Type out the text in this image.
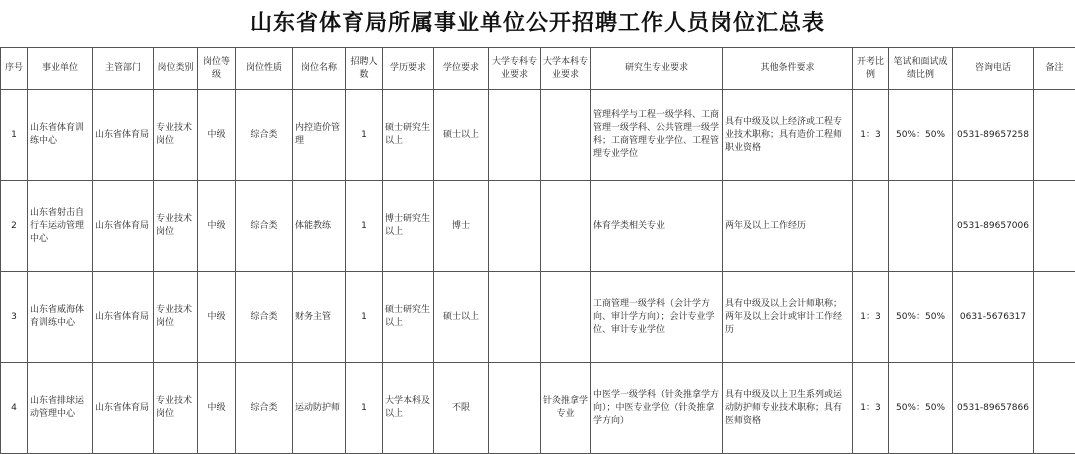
山东省体育局所属事业单位公开招聘工作人员岗位汇总表
序号	事业单位	主管部门	岗位类别	岗位等级	岗位性质	岗位名称	招聘人数	学历要求	学位要求	大学专科专业要求	大学本科专业要求	研究生专业要求	其他条件要求	开考比例	笔试和面试成绩比例	咨询电话	备注
1	山东省体育训练中心	山东省体育局	专业技术岗位	中级	综合类	内控造价管理	1	硕士研究生以上	硕士以上			管理科学与工程一级学科、工商管理一级学科、公共管理一级学科；工商管理专业学位、工程管理专业学位	具有中级及以上经济或工程专业技术职称；具有造价工程师职业资格	1：3	50%：50%	0531-89657258	
2	山东省射击自行车运动管理中心	山东省体育局	专业技术岗位	中级	综合类	体能教练	1	博士研究生以上	博士			体育学类相关专业	两年及以上工作经历			0531-89657006	
3	山东省威海体育训练中心	山东省体育局	专业技术岗位	中级	综合类	财务主管	1	硕士研究生以上	硕士以上			工商管理一级学科（会计学方向、审计学方向）；会计专业学位、审计专业学位	具有中级及以上会计师职称；两年及以上会计或审计工作经历	1：3	50%：50%	0631-5676317	
4	山东省排球运动管理中心	山东省体育局	专业技术岗位	中级	综合类	运动防护师	1	大学本科及以上	不限		针灸推拿学专业	中医学一级学科（针灸推拿学方向）；中医专业学位（针灸推拿学方向）	具有中级及以上卫生系列或运动防护师专业技术职称；具有医师资格	1：3	50%：50%	0531-89657866	
